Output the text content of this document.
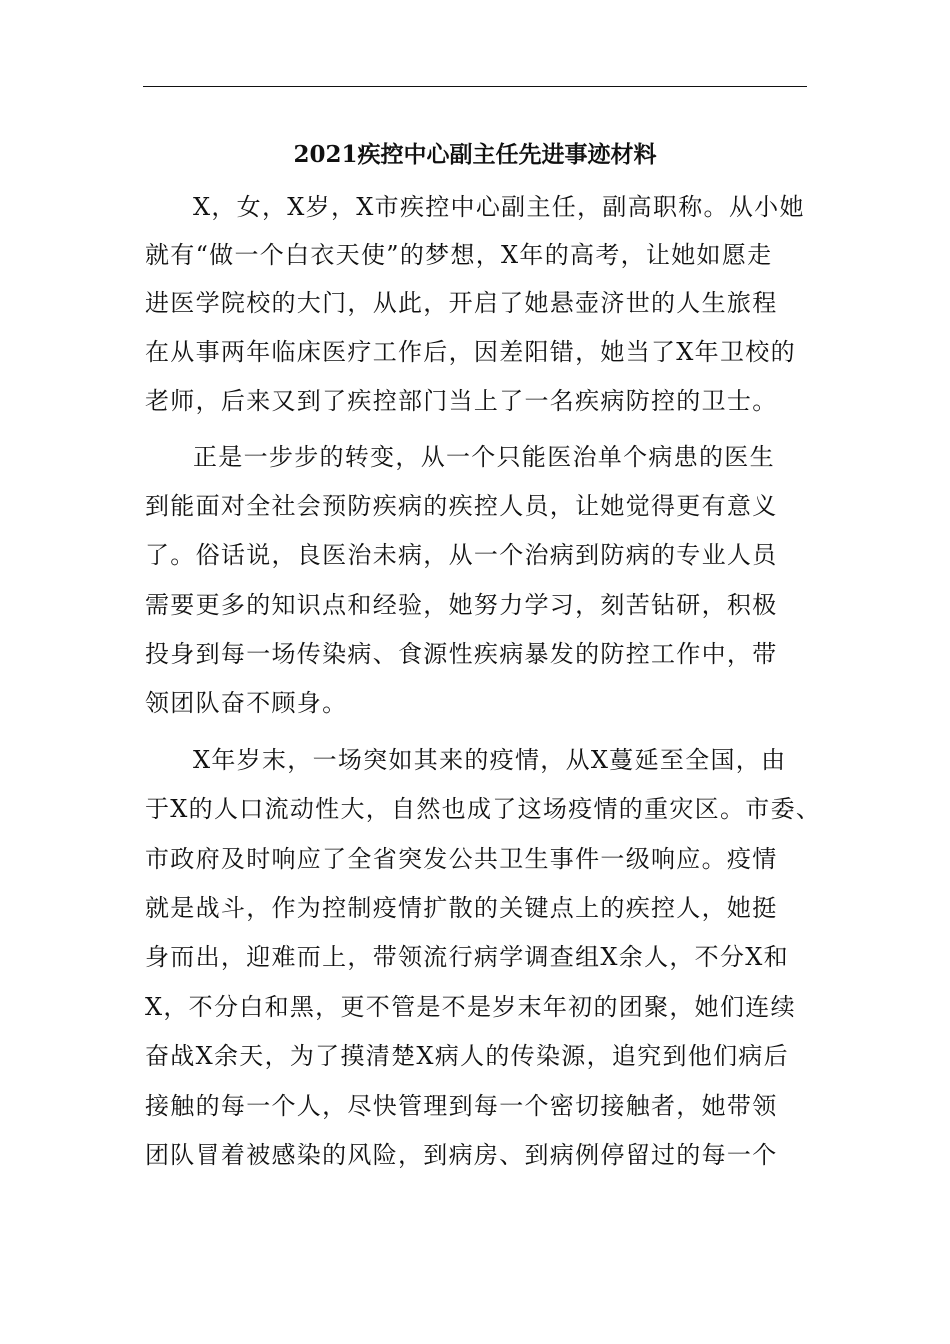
2021疾控中心副主任先进事迹材料
X，女，X岁，X市疾控中心副主任，副高职称。从小她
就有“做一个白衣天使”的梦想，X年的高考，让她如愿走
进医学院校的大门，从此，开启了她悬壶济世的人生旅程
在从事两年临床医疗工作后，因差阳错，她当了X年卫校的
老师，后来又到了疾控部门当上了一名疾病防控的卫士。
正是一步步的转变，从一个只能医治单个病患的医生
到能面对全社会预防疾病的疾控人员，让她觉得更有意义
了。俗话说，良医治未病，从一个治病到防病的专业人员
需要更多的知识点和经验，她努力学习，刻苦钻研，积极
投身到每一场传染病、食源性疾病暴发的防控工作中，带
领团队奋不顾身。
X年岁末，一场突如其来的疫情，从X蔓延至全国，由
于X的人口流动性大，自然也成了这场疫情的重灾区。市委、
市政府及时响应了全省突发公共卫生事件一级响应。疫情
就是战斗，作为控制疫情扩散的关键点上的疾控人，她挺
身而出，迎难而上，带领流行病学调查组X余人，不分X和
X，不分白和黑，更不管是不是岁末年初的团聚，她们连续
奋战X余天，为了摸清楚X病人的传染源，追究到他们病后
接触的每一个人，尽快管理到每一个密切接触者，她带领
团队冒着被感染的风险，到病房、到病例停留过的每一个
